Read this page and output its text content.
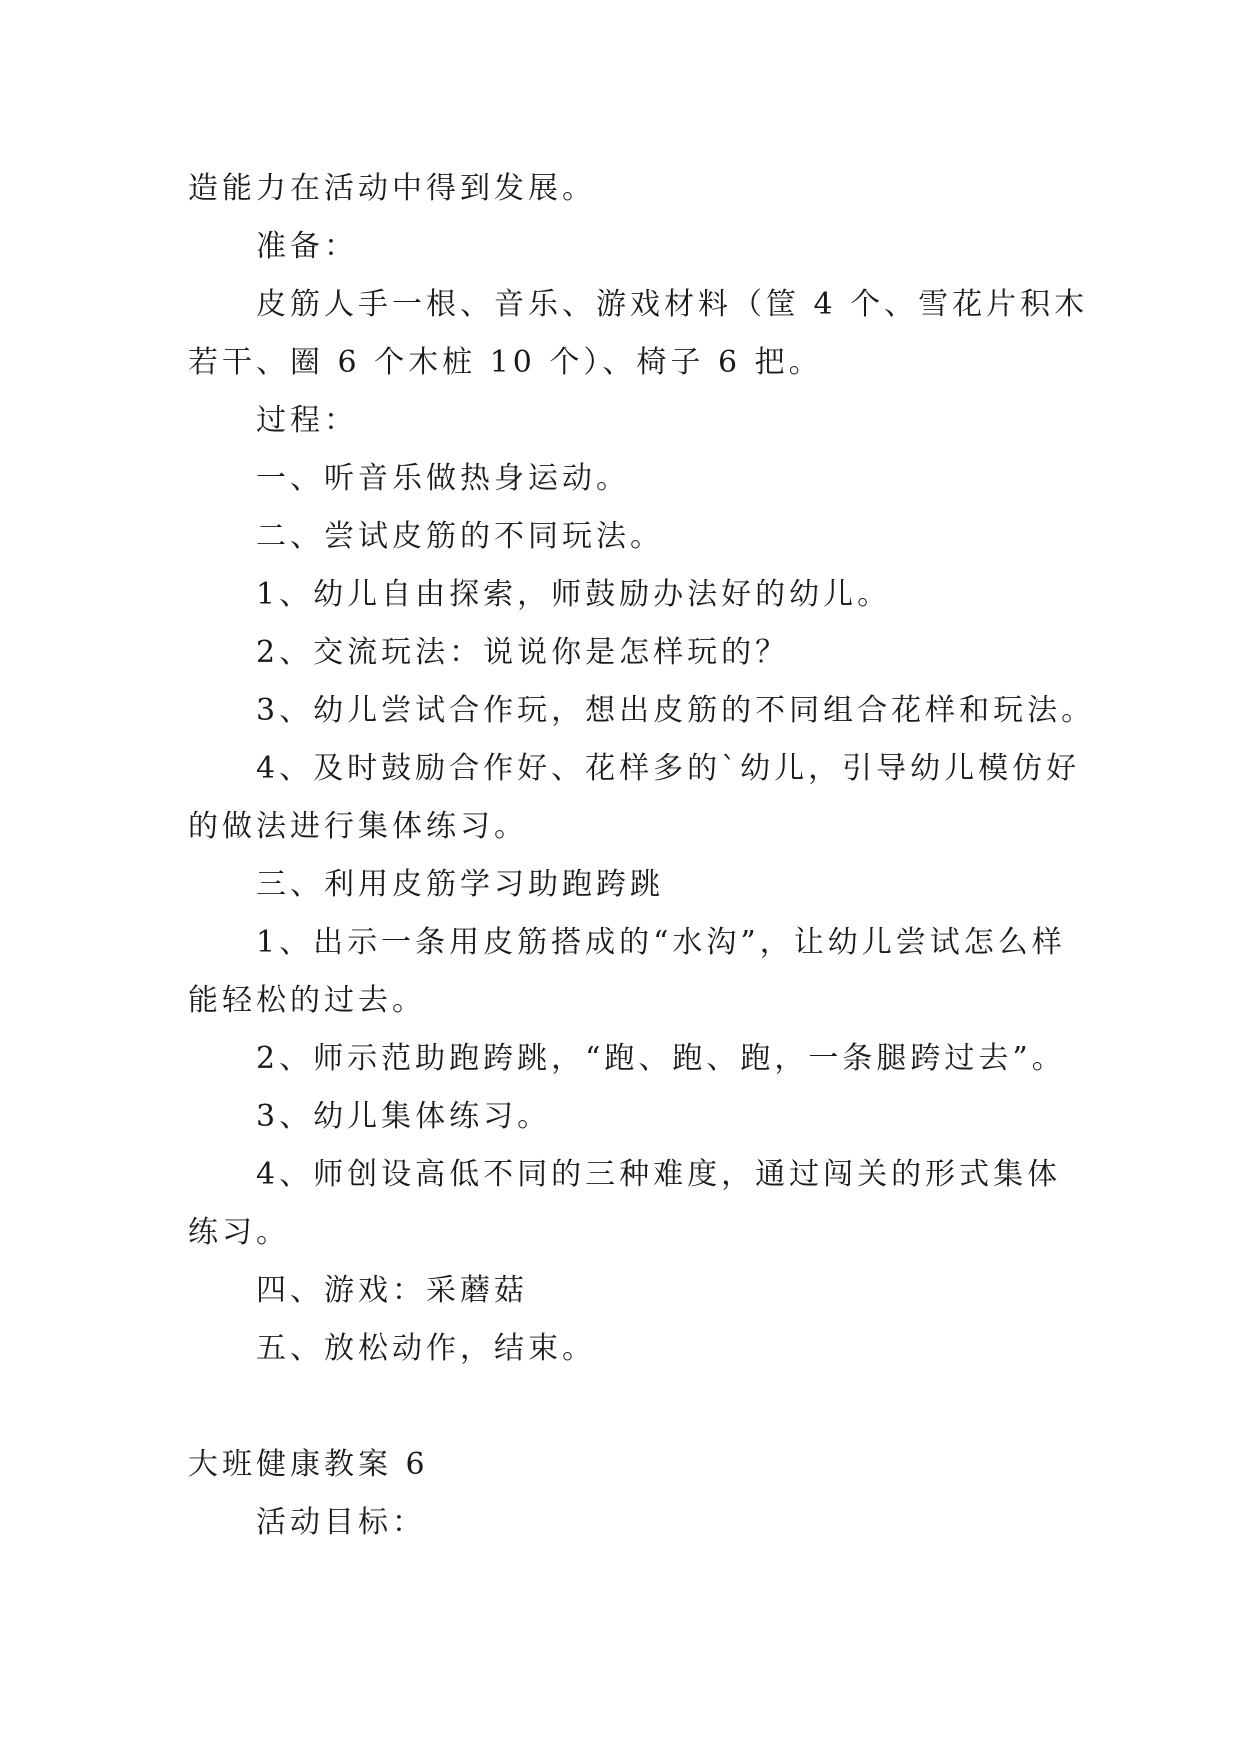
造能力在活动中得到发展。

准备：

皮筋人手一根、音乐、游戏材料（筐 4 个、雪花片积木

若干、圈 6 个木桩 10 个）、椅子 6 把。

过程：

一、听音乐做热身运动。

二、尝试皮筋的不同玩法。

1、幼儿自由探索，师鼓励办法好的幼儿。

2、交流玩法：说说你是怎样玩的？

3、幼儿尝试合作玩，想出皮筋的不同组合花样和玩法。

4、及时鼓励合作好、花样多的`幼儿，引导幼儿模仿好

的做法进行集体练习。

三、利用皮筋学习助跑跨跳

1、出示一条用皮筋搭成的“水沟”，让幼儿尝试怎么样

能轻松的过去。

2、师示范助跑跨跳，“跑、跑、跑，一条腿跨过去”。

3、幼儿集体练习。

4、师创设高低不同的三种难度，通过闯关的形式集体

练习。

四、游戏：采蘑菇

五、放松动作，结束。

大班健康教案 6

活动目标：
